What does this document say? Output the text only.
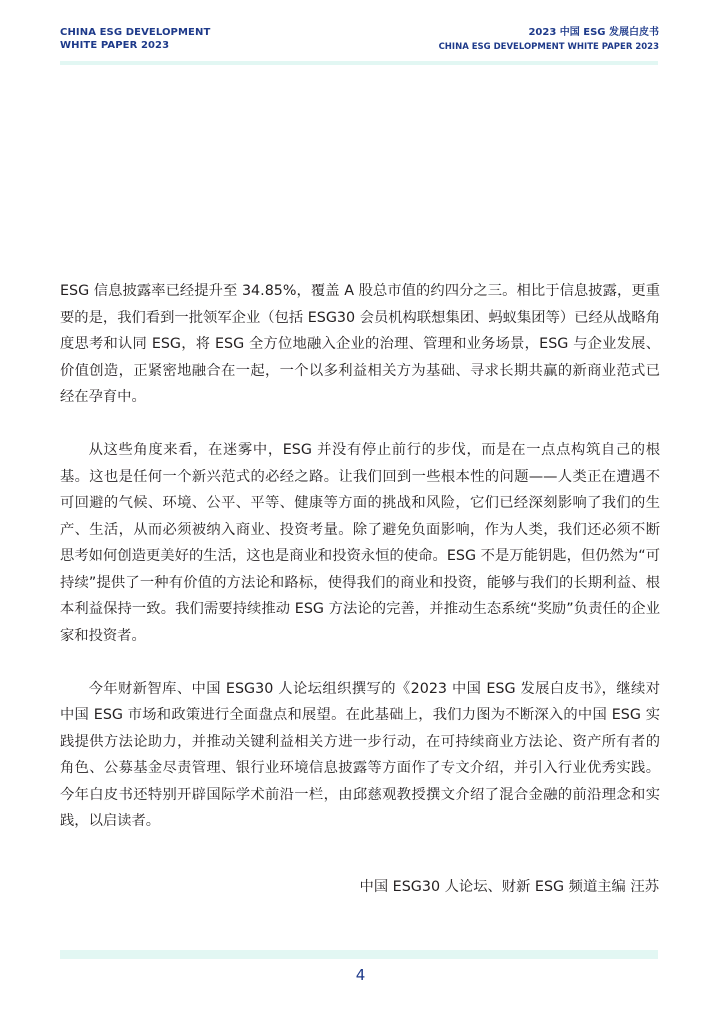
CHINA ESG DEVELOPMENT
WHITE PAPER 2023
2023 中国 ESG 发展白皮书
CHINA ESG DEVELOPMENT WHITE PAPER 2023

ESG 信息披露率已经提升至 34.85%，覆盖 A 股总市值的约四分之三。相比于信息披露，更重要的是，我们看到一批领军企业（包括 ESG30 会员机构联想集团、蚂蚁集团等）已经从战略角度思考和认同 ESG，将 ESG 全方位地融入企业的治理、管理和业务场景，ESG 与企业发展、价值创造，正紧密地融合在一起，一个以多利益相关方为基础、寻求长期共赢的新商业范式已经在孕育中。

从这些角度来看，在迷雾中，ESG 并没有停止前行的步伐，而是在一点点构筑自己的根基。这也是任何一个新兴范式的必经之路。让我们回到一些根本性的问题——人类正在遭遇不可回避的气候、环境、公平、平等、健康等方面的挑战和风险，它们已经深刻影响了我们的生产、生活，从而必须被纳入商业、投资考量。除了避免负面影响，作为人类，我们还必须不断思考如何创造更美好的生活，这也是商业和投资永恒的使命。ESG 不是万能钥匙，但仍然为“可持续”提供了一种有价值的方法论和路标，使得我们的商业和投资，能够与我们的长期利益、根本利益保持一致。我们需要持续推动 ESG 方法论的完善，并推动生态系统“奖励”负责任的企业家和投资者。

今年财新智库、中国 ESG30 人论坛组织撰写的《2023 中国 ESG 发展白皮书》，继续对中国 ESG 市场和政策进行全面盘点和展望。在此基础上，我们力图为不断深入的中国 ESG 实践提供方法论助力，并推动关键利益相关方进一步行动，在可持续商业方法论、资产所有者的角色、公募基金尽责管理、银行业环境信息披露等方面作了专文介绍，并引入行业优秀实践。今年白皮书还特别开辟国际学术前沿一栏，由邱慈观教授撰文介绍了混合金融的前沿理念和实践，以启读者。

中国 ESG30 人论坛、财新 ESG 频道主编 汪苏
4
